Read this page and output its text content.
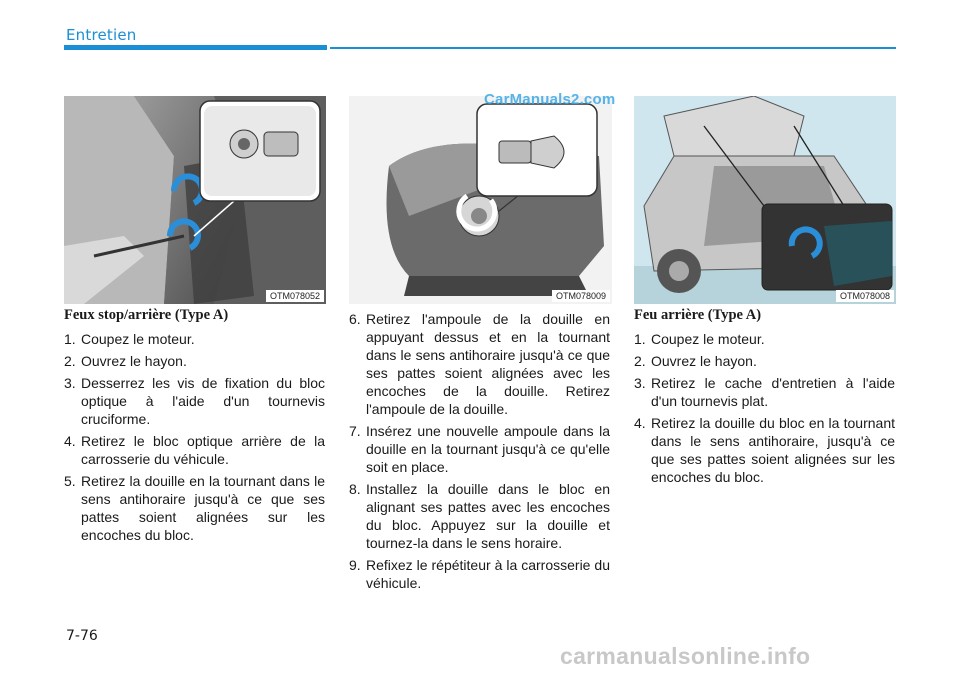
Entretien
OTM078052	OTM078009	OTM078008
CarManuals2.com
Feux stop/arrière (Type A)
1. Coupez le moteur.
2. Ouvrez le hayon.
3. Desserrez les vis de fixation du bloc optique à l'aide d'un tournevis cruciforme.
4. Retirez le bloc optique arrière de la carrosserie du véhicule.
5. Retirez la douille en la tournant dans le sens antihoraire jusqu'à ce que ses pattes soient alignées sur les encoches du bloc.
6. Retirez l'ampoule de la douille en appuyant dessus et en la tournant dans le sens antihoraire jusqu'à ce que ses pattes soient alignées avec les encoches de la douille. Retirez l'ampoule de la douille.
7. Insérez une nouvelle ampoule dans la douille en la tournant jusqu'à ce qu'elle soit en place.
8. Installez la douille dans le bloc en alignant ses pattes avec les encoches du bloc. Appuyez sur la douille et tournez-la dans le sens horaire.
9. Refixez le répétiteur à la carrosserie du véhicule.
Feu arrière (Type A)
1. Coupez le moteur.
2. Ouvrez le hayon.
3. Retirez le cache d'entretien à l'aide d'un tournevis plat.
4. Retirez la douille du bloc en la tournant dans le sens antihoraire, jusqu'à ce que ses pattes soient alignées sur les encoches du bloc.
7-76
carmanualsonline.info
